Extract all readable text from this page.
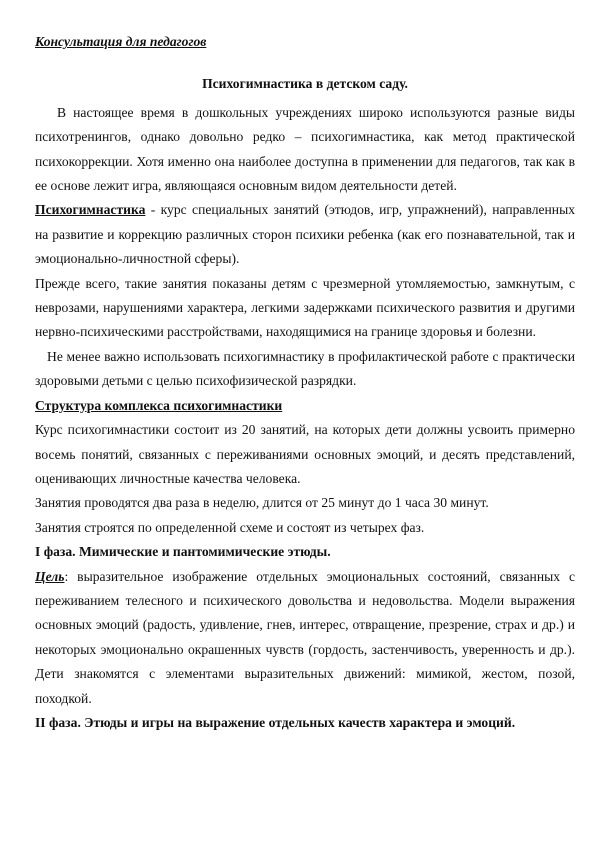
Консультация для педагогов

Психогимнастика в детском саду.

В настоящее время в дошкольных учреждениях широко используются разные виды психотренингов, однако довольно редко – психогимнастика, как метод практической психокоррекции. Хотя именно она наиболее доступна в применении для педагогов, так как в ее основе лежит игра, являющаяся основным видом деятельности детей.

Психогимнастика - курс специальных занятий (этюдов, игр, упражнений), направленных на развитие и коррекцию различных сторон психики ребенка (как его познавательной, так и эмоционально-личностной сферы).

Прежде всего, такие занятия показаны детям с чрезмерной утомляемостью, замкнутым, с неврозами, нарушениями характера, легкими задержками психического развития и другими нервно-психическими расстройствами, находящимися на границе здоровья и болезни.

Не менее важно использовать психогимнастику в профилактической работе с практически здоровыми детьми с целью психофизической разрядки.

Структура комплекса психогимнастики

Курс психогимнастики состоит из 20 занятий, на которых дети должны усвоить примерно восемь понятий, связанных с переживаниями основных эмоций, и десять представлений, оценивающих личностные качества человека.

Занятия проводятся два раза в неделю, длится от 25 минут до 1 часа 30 минут.

Занятия строятся по определенной схеме и состоят из четырех фаз.

I фаза. Мимические и пантомимические этюды.

Цель: выразительное изображение отдельных эмоциональных состояний, связанных с переживанием телесного и психического довольства и недовольства. Модели выражения основных эмоций (радость, удивление, гнев, интерес, отвращение, презрение, страх и др.) и некоторых эмоционально окрашенных чувств (гордость, застенчивость, уверенность и др.). Дети знакомятся с элементами выразительных движений: мимикой, жестом, позой, походкой.

II фаза. Этюды и игры на выражение отдельных качеств характера и эмоций.
